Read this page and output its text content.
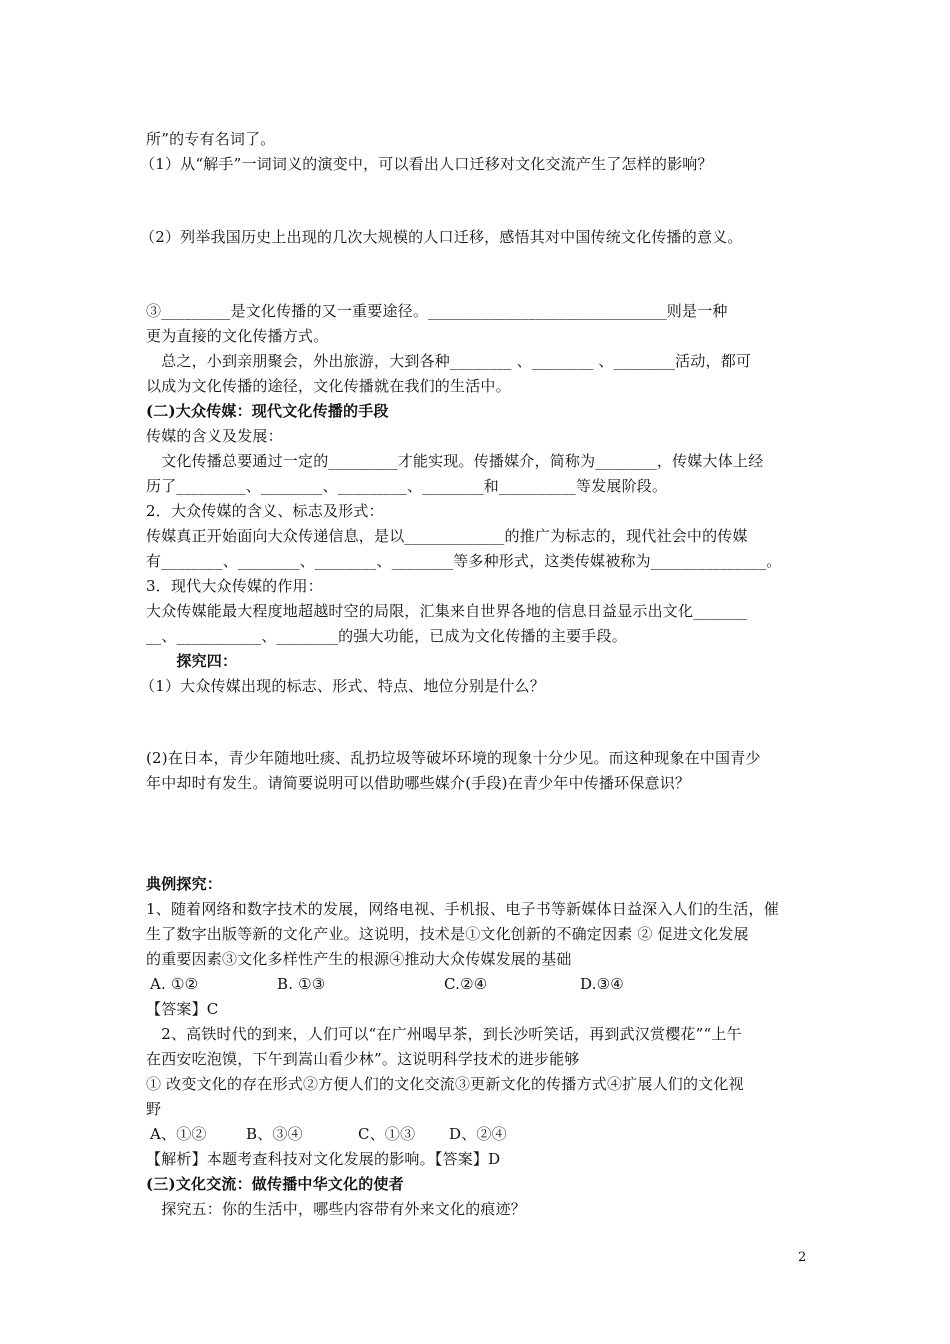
所”的专有名词了。
（1）从“解手”一词词义的演变中，可以看出人口迁移对文化交流产生了怎样的影响？
（2）列举我国历史上出现的几次大规模的人口迁移，感悟其对中国传统文化传播的意义。
③_________是文化传播的又一重要途径。_______________________________则是一种
更为直接的文化传播方式。
　总之，小到亲朋聚会，外出旅游，大到各种________ 、________ 、________活动，都可
以成为文化传播的途径，文化传播就在我们的生活中。
(二)大众传媒：现代文化传播的手段
传媒的含义及发展：
　文化传播总要通过一定的_________才能实现。传播媒介，简称为________，传媒大体上经
历了_________、________、_________、________和__________等发展阶段。
2．大众传媒的含义、标志及形式：
传媒真正开始面向大众传递信息，是以_____________的推广为标志的，现代社会中的传媒
有________、________、________、________等多种形式，这类传媒被称为_______________。
3．现代大众传媒的作用：
大众传媒能最大程度地超越时空的局限，汇集来自世界各地的信息日益显示出文化_______
__、___________、________的强大功能，已成为文化传播的主要手段。
　　探究四：
（1）大众传媒出现的标志、形式、特点、地位分别是什么？
(2)在日本，青少年随地吐痰、乱扔垃圾等破坏环境的现象十分少见。而这种现象在中国青少
年中却时有发生。请简要说明可以借助哪些媒介(手段)在青少年中传播环保意识？
典例探究：
1、随着网络和数字技术的发展，网络电视、手机报、电子书等新媒体日益深入人们的生活，催
生了数字出版等新的文化产业。这说明，技术是①文化创新的不确定因素 ② 促进文化发展
的重要因素③文化多样性产生的根源④推动大众传媒发展的基础
A. ①②	B. ①③	C.②④	D.③④
【答案】C
　2、高铁时代的到来，人们可以“在广州喝早茶，到长沙听笑话，再到武汉赏樱花”“上午
在西安吃泡馍，下午到嵩山看少林”。这说明科学技术的进步能够
① 改变文化的存在形式②方便人们的文化交流③更新文化的传播方式④扩展人们的文化视
野
A、①②	B、③④	C、①③ D、②④
【解析】本题考查科技对文化发展的影响。【答案】D
(三)文化交流：做传播中华文化的使者
　探究五：你的生活中，哪些内容带有外来文化的痕迹？
2
